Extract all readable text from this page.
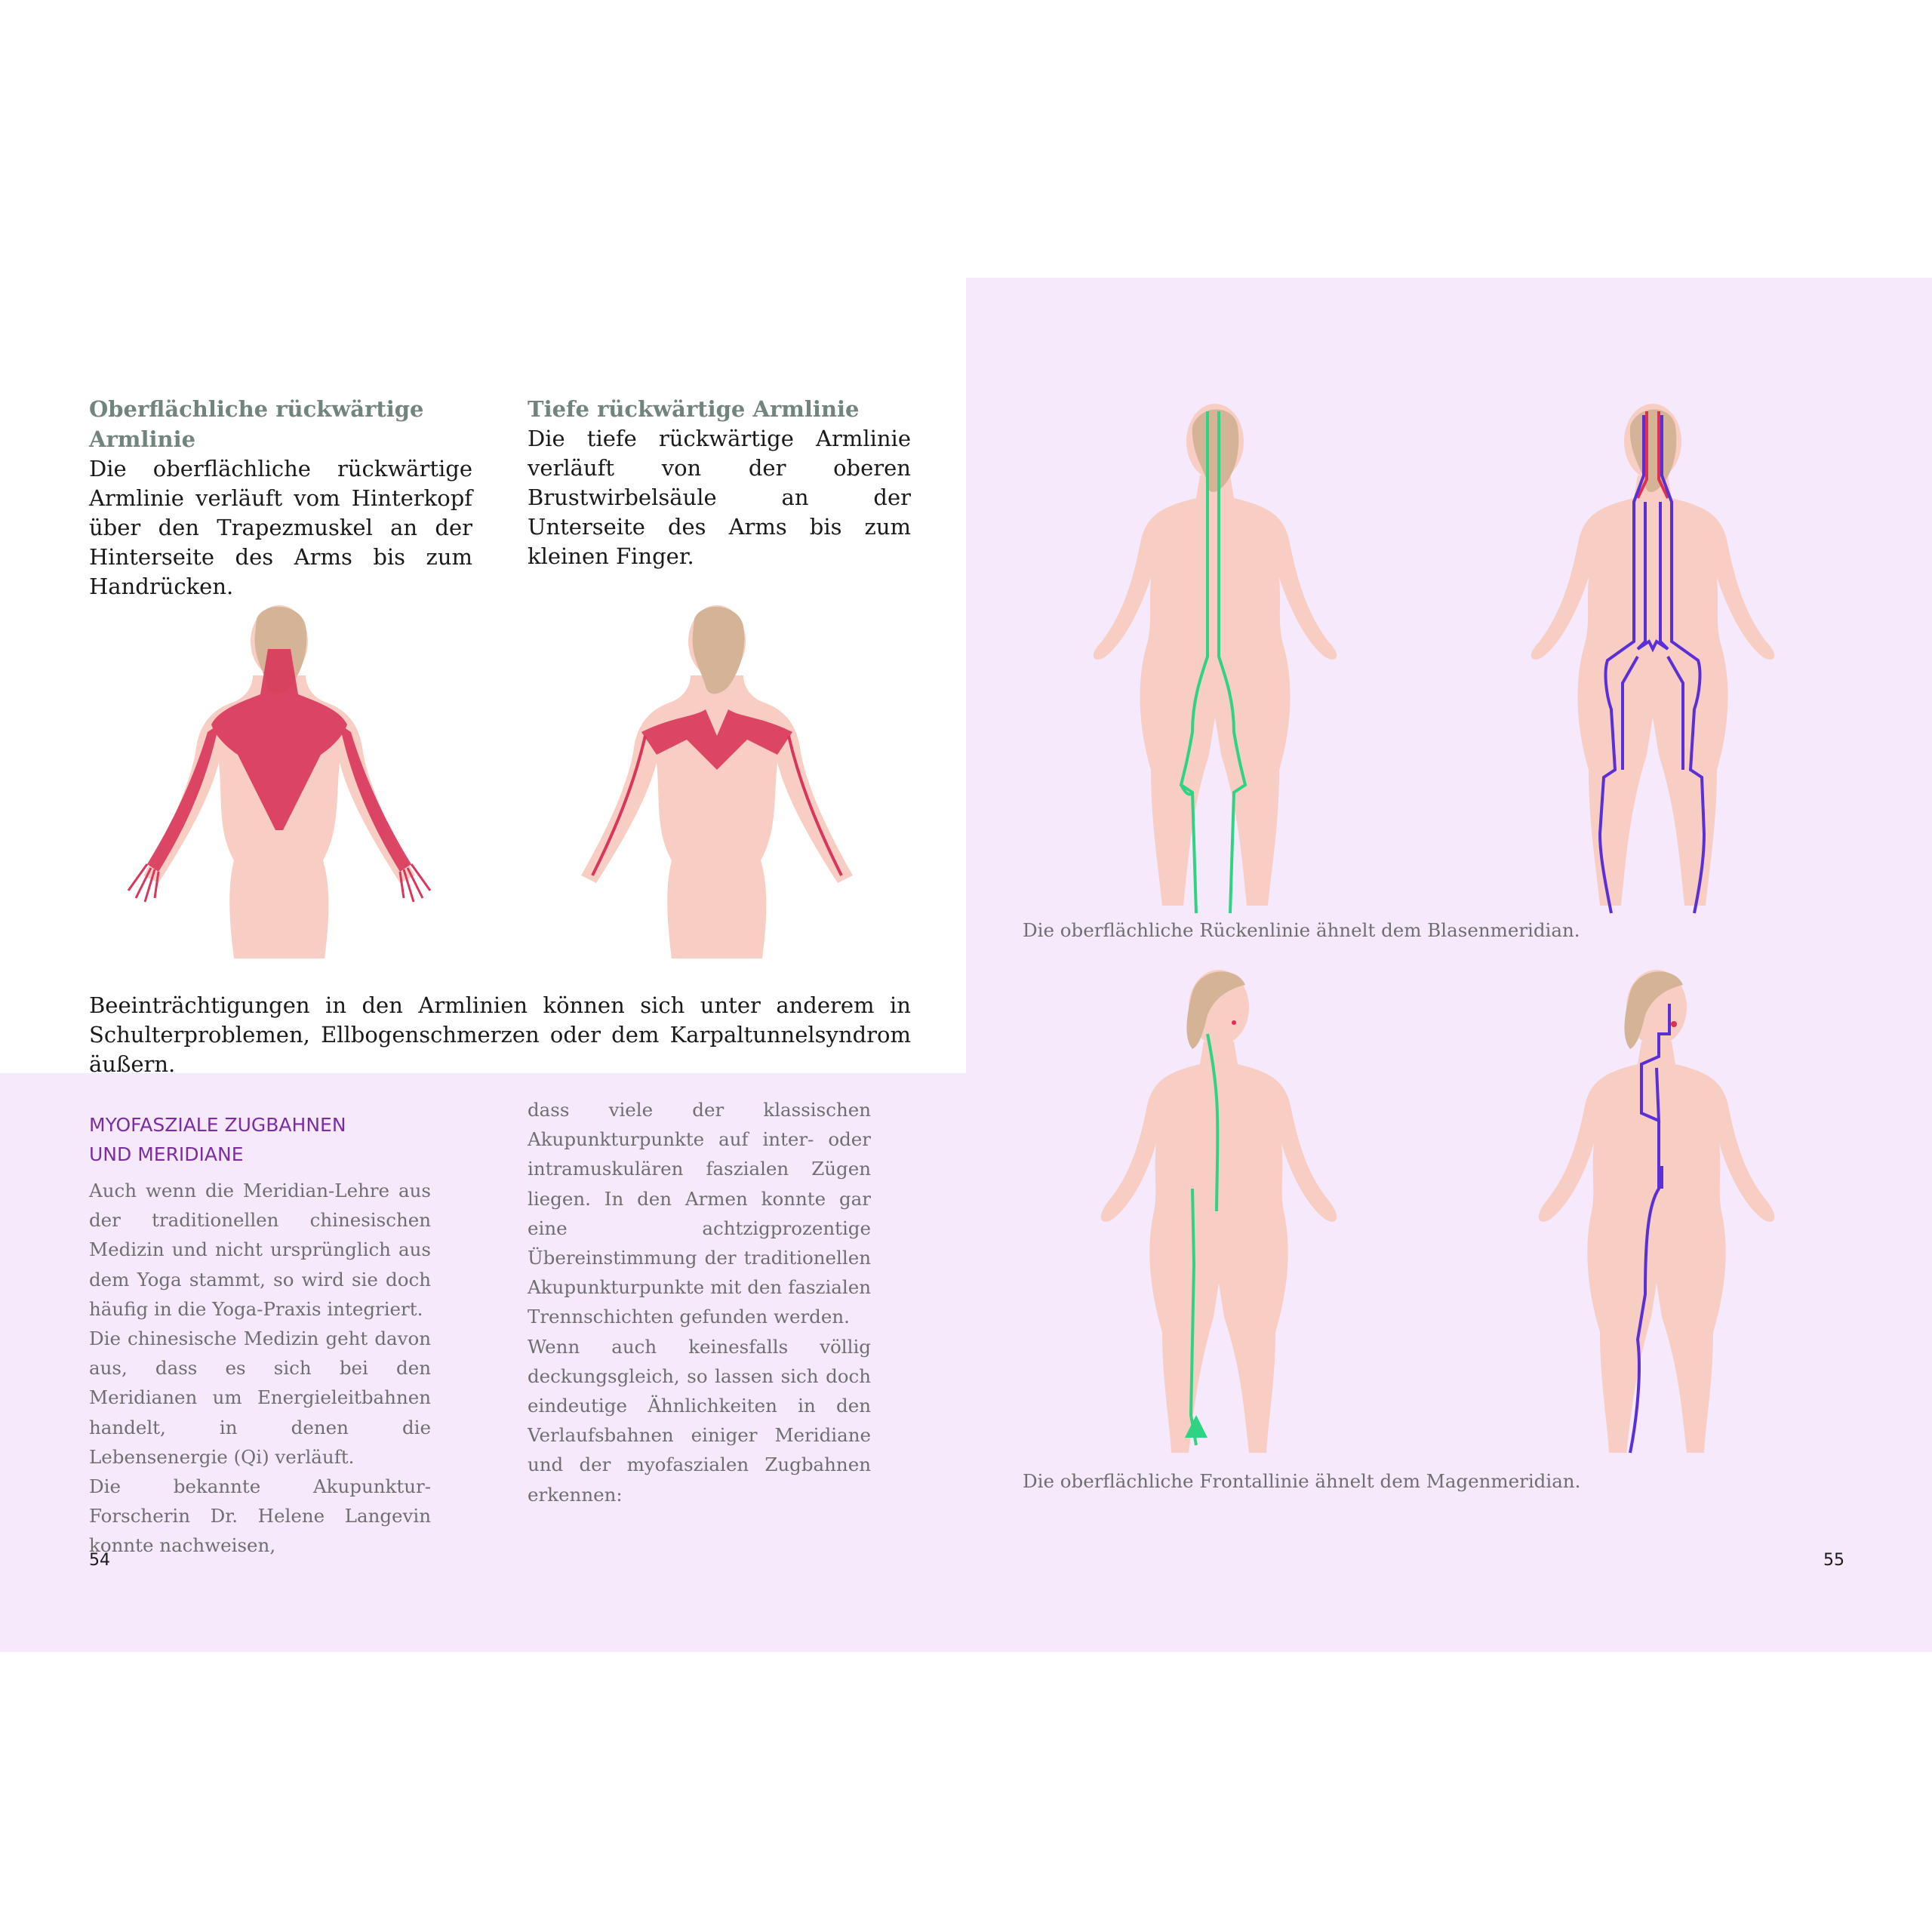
Oberflächliche rückwärtige Armlinie
Die oberflächliche rückwärtige Armlinie verläuft vom Hinterkopf über den Trapezmuskel an der Hinterseite des Arms bis zum Handrücken.
Tiefe rückwärtige Armlinie
Die tiefe rückwärtige Armlinie verläuft von der oberen Brustwirbelsäule an der Unterseite des Arms bis zum kleinen Finger.
Beeinträchtigungen in den Armlinien können sich unter anderem in Schulterproblemen, Ellbogenschmerzen oder dem Karpaltunnelsyndrom äußern.
MYOFASZIALE ZUGBAHNEN
UND MERIDIANE

Auch wenn die Meridian-Lehre aus der traditionellen chinesischen Medizin und nicht ursprünglich aus dem Yoga stammt, so wird sie doch häufig in die Yoga-Praxis integriert.

Die chinesische Medizin geht davon aus, dass es sich bei den Meridianen um Energieleitbahnen handelt, in denen die Lebensenergie (Qi) verläuft.

Die bekannte Akupunktur-Forscherin Dr. Helene Langevin konnte nachweisen,

dass viele der klassischen Akupunkturpunkte auf inter- oder intramuskulären faszialen Zügen liegen. In den Armen konnte gar eine achtzigprozentige Übereinstimmung der traditionellen Akupunkturpunkte mit den faszialen Trennschichten gefunden werden.

Wenn auch keinesfalls völlig deckungsgleich, so lassen sich doch eindeutige Ähnlichkeiten in den Verlaufsbahnen einiger Meridiane und der myofaszialen Zugbahnen erkennen:

54	55
Die oberflächliche Rückenlinie ähnelt dem Blasenmeridian.
Die oberflächliche Frontallinie ähnelt dem Magenmeridian.
